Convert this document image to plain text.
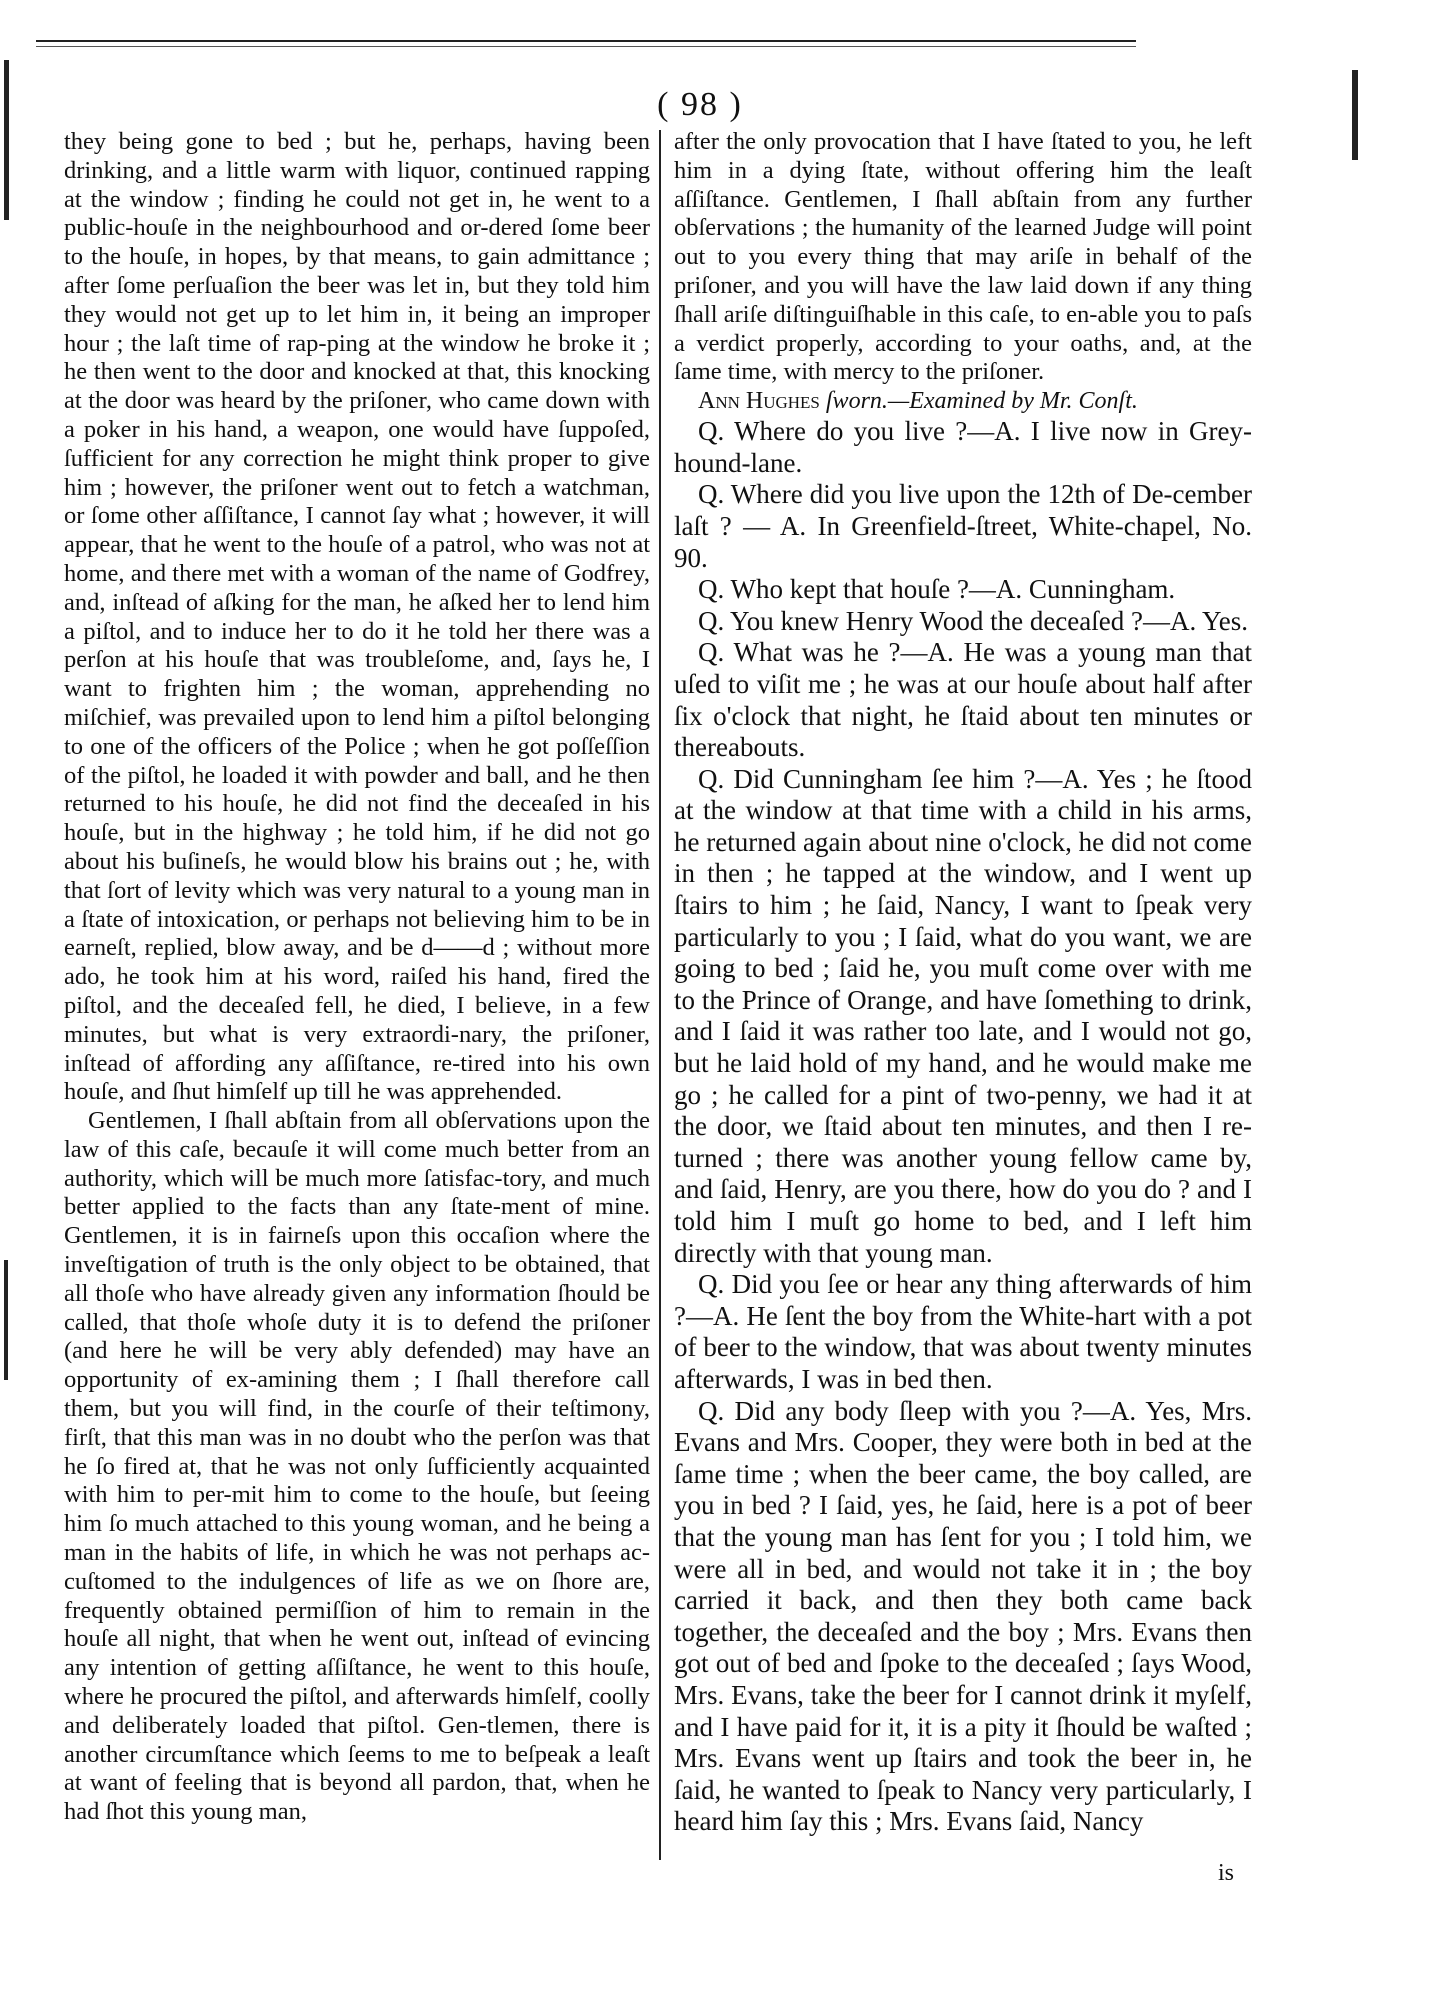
( 98 )

they being gone to bed ; but he, perhaps, having been drinking, and a little warm with liquor, continued rapping at the window ; finding he could not get in, he went to a public-houſe in the neighbourhood and or-dered ſome beer to the houſe, in hopes, by that means, to gain admittance ; after ſome perſuaſion the beer was let in, but they told him they would not get up to let him in, it being an improper hour ; the laſt time of rap-ping at the window he broke it ; he then went to the door and knocked at that, this knocking at the door was heard by the priſoner, who came down with a poker in his hand, a weapon, one would have ſuppoſed, ſufficient for any correction he might think proper to give him ; however, the priſoner went out to fetch a watchman, or ſome other aſſiſtance, I cannot ſay what ; however, it will appear, that he went to the houſe of a patrol, who was not at home, and there met with a woman of the name of Godfrey, and, inſtead of aſking for the man, he aſked her to lend him a piſtol, and to induce her to do it he told her there was a perſon at his houſe that was troubleſome, and, ſays he, I want to frighten him ; the woman, apprehending no miſchief, was prevailed upon to lend him a piſtol belonging to one of the officers of the Police ; when he got poſſeſſion of the piſtol, he loaded it with powder and ball, and he then returned to his houſe, he did not find the deceaſed in his houſe, but in the highway ; he told him, if he did not go about his buſineſs, he would blow his brains out ; he, with that ſort of levity which was very natural to a young man in a ſtate of intoxication, or perhaps not believing him to be in earneſt, replied, blow away, and be d——d ; without more ado, he took him at his word, raiſed his hand, fired the piſtol, and the deceaſed fell, he died, I believe, in a few minutes, but what is very extraordi-nary, the priſoner, inſtead of affording any aſſiſtance, re-tired into his own houſe, and ſhut himſelf up till he was apprehended.

Gentlemen, I ſhall abſtain from all obſervations upon the law of this caſe, becauſe it will come much better from an authority, which will be much more ſatisfac-tory, and much better applied to the facts than any ſtate-ment of mine. Gentlemen, it is in fairneſs upon this occaſion where the inveſtigation of truth is the only object to be obtained, that all thoſe who have already given any information ſhould be called, that thoſe whoſe duty it is to defend the priſoner (and here he will be very ably defended) may have an opportunity of ex-amining them ; I ſhall therefore call them, but you will find, in the courſe of their teſtimony, firſt, that this man was in no doubt who the perſon was that he ſo fired at, that he was not only ſufficiently acquainted with him to per-mit him to come to the houſe, but ſeeing him ſo much attached to this young woman, and he being a man in the habits of life, in which he was not perhaps ac-cuſtomed to the indulgences of life as we on ſhore are, frequently obtained permiſſion of him to remain in the houſe all night, that when he went out, inſtead of evincing any intention of getting aſſiſtance, he went to this houſe, where he procured the piſtol, and afterwards himſelf, coolly and deliberately loaded that piſtol. Gen-tlemen, there is another circumſtance which ſeems to me to beſpeak a leaſt at want of feeling that is beyond all pardon, that, when he had ſhot this young man,

after the only provocation that I have ſtated to you, he left him in a dying ſtate, without offering him the leaſt aſſiſtance. Gentlemen, I ſhall abſtain from any further obſervations ; the humanity of the learned Judge will point out to you every thing that may ariſe in behalf of the priſoner, and you will have the law laid down if any thing ſhall ariſe diſtinguiſhable in this caſe, to en-able you to paſs a verdict properly, according to your oaths, and, at the ſame time, with mercy to the priſoner.

Ann Hughes ſworn.—Examined by Mr. Conſt.

Q. Where do you live ?—A. I live now in Grey-hound-lane.

Q. Where did you live upon the 12th of De-cember laſt ? — A. In Greenfield-ſtreet, White-chapel, No. 90.

Q. Who kept that houſe ?—A. Cunningham.

Q. You knew Henry Wood the deceaſed ?—A. Yes.

Q. What was he ?—A. He was a young man that uſed to viſit me ; he was at our houſe about half after ſix o'clock that night, he ſtaid about ten minutes or thereabouts.

Q. Did Cunningham ſee him ?—A. Yes ; he ſtood at the window at that time with a child in his arms, he returned again about nine o'clock, he did not come in then ; he tapped at the window, and I went up ſtairs to him ; he ſaid, Nancy, I want to ſpeak very particularly to you ; I ſaid, what do you want, we are going to bed ; ſaid he, you muſt come over with me to the Prince of Orange, and have ſomething to drink, and I ſaid it was rather too late, and I would not go, but he laid hold of my hand, and he would make me go ; he called for a pint of two-penny, we had it at the door, we ſtaid about ten minutes, and then I re-turned ; there was another young fellow came by, and ſaid, Henry, are you there, how do you do ? and I told him I muſt go home to bed, and I left him directly with that young man.

Q. Did you ſee or hear any thing afterwards of him ?—A. He ſent the boy from the White-hart with a pot of beer to the window, that was about twenty minutes afterwards, I was in bed then.

Q. Did any body ſleep with you ?—A. Yes, Mrs. Evans and Mrs. Cooper, they were both in bed at the ſame time ; when the beer came, the boy called, are you in bed ? I ſaid, yes, he ſaid, here is a pot of beer that the young man has ſent for you ; I told him, we were all in bed, and would not take it in ; the boy carried it back, and then they both came back together, the deceaſed and the boy ; Mrs. Evans then got out of bed and ſpoke to the deceaſed ; ſays Wood, Mrs. Evans, take the beer for I cannot drink it myſelf, and I have paid for it, it is a pity it ſhould be waſted ; Mrs. Evans went up ſtairs and took the beer in, he ſaid, he wanted to ſpeak to Nancy very particularly, I heard him ſay this ; Mrs. Evans ſaid, Nancy

is
